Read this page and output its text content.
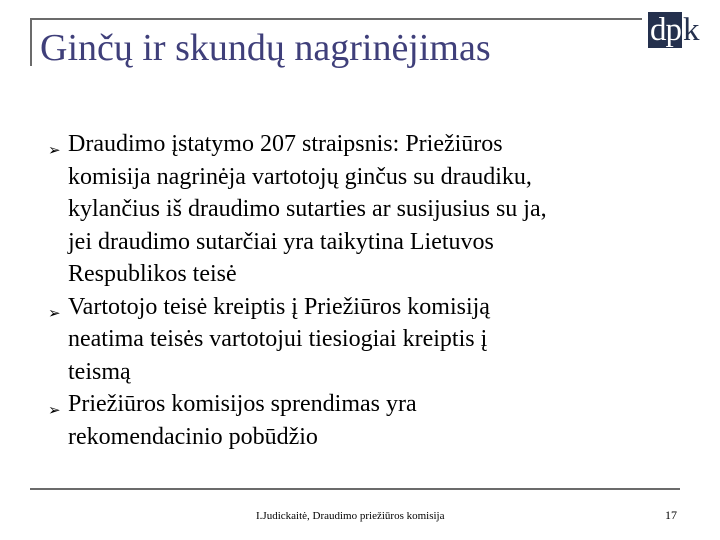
Ginčų ir skundų nagrinėjimas	dp k
➢ Draudimo įstatymo 207 straipsnis: Priežiūros
komisija nagrinėja vartotojų ginčus su draudiku,
kylančius iš draudimo sutarties ar susijusius su ja,
jei draudimo sutarčiai yra taikytina Lietuvos
Respublikos teisė
➢ Vartotojo teisė kreiptis į Priežiūros komisiją
neatima teisės vartotojui tiesiogiai kreiptis į
teismą
➢ Priežiūros komisijos sprendimas yra
rekomendacinio pobūdžio
I.Judickaitė, Draudimo priežiūros komisija	17
